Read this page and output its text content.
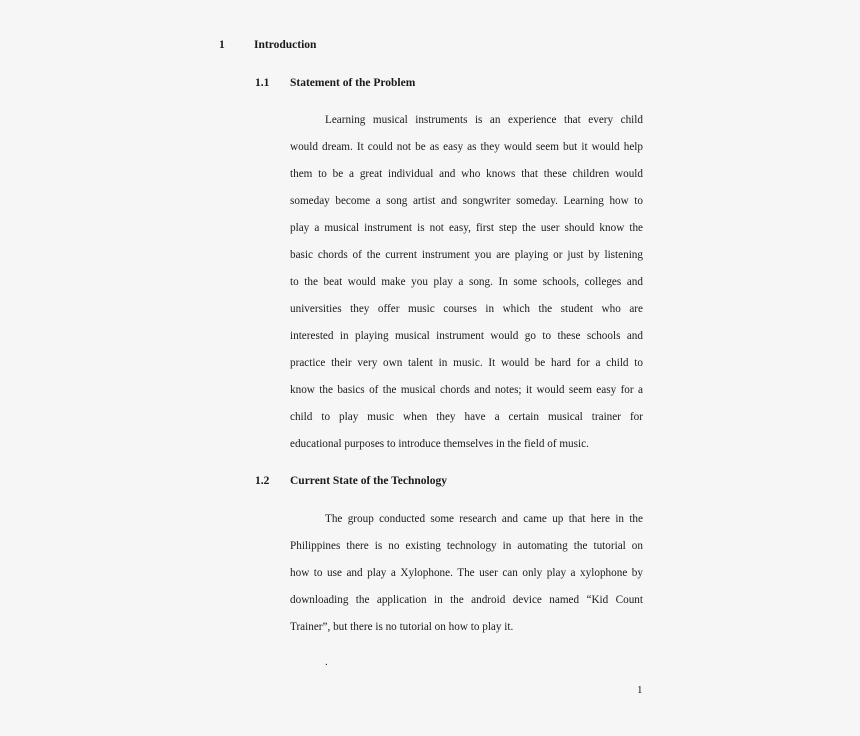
1	Introduction
1.1 Statement of the Problem
Learning musical instruments is an experience that every child
would dream. It could not be as easy as they would seem but it would help
them to be a great individual and who knows that these children would
someday become a song artist and songwriter someday. Learning how to
play a musical instrument is not easy, first step the user should know the
basic chords of the current instrument you are playing or just by listening
to the beat would make you play a song. In some schools, colleges and
universities they offer music courses in which the student who are
interested in playing musical instrument would go to these schools and
practice their very own talent in music. It would be hard for a child to
know the basics of the musical chords and notes; it would seem easy for a
child to play music when they have a certain musical trainer for
educational purposes to introduce themselves in the field of music.
1.2 Current State of the Technology
The group conducted some research and came up that here in the
Philippines there is no existing technology in automating the tutorial on
how to use and play a Xylophone. The user can only play a xylophone by
downloading the application in the android device named “Kid Count
Trainer”, but there is no tutorial on how to play it.
.
1
